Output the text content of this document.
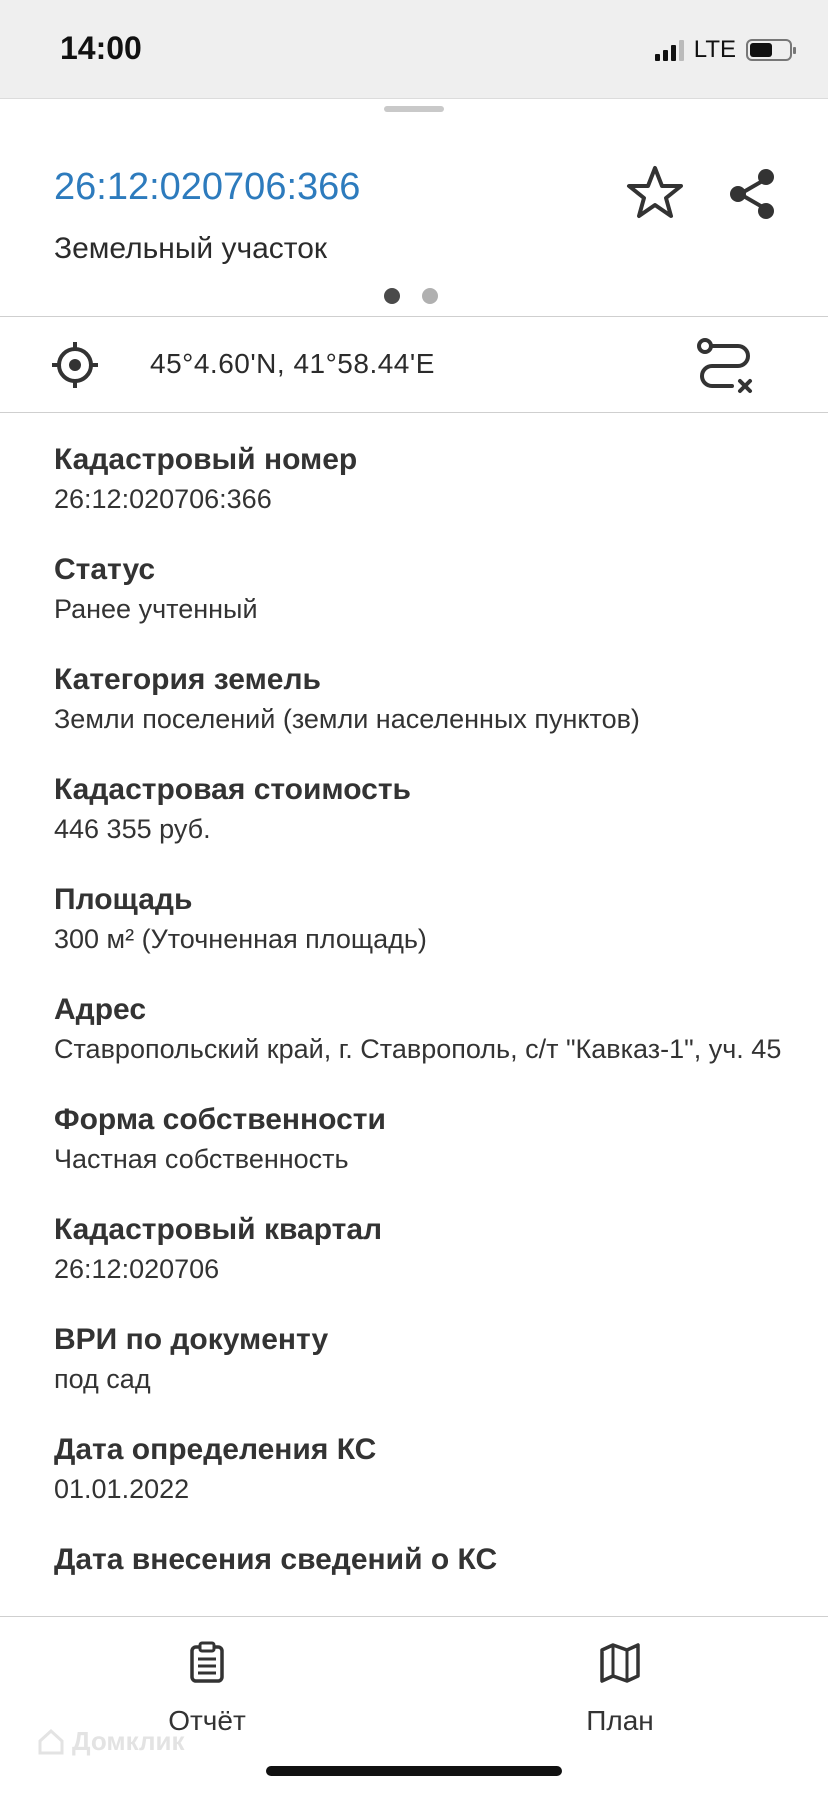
14:00	LTE
26:12:020706:366
Земельный участок
45°4.60'N, 41°58.44'E
Кадастровый номер
26:12:020706:366
Статус
Ранее учтенный
Категория земель
Земли поселений (земли населенных пунктов)
Кадастровая стоимость
446 355 руб.
Площадь
300 м² (Уточненная площадь)
Адрес
Ставропольский край, г. Ставрополь, с/т "Кавказ-1", уч. 45
Форма собственности
Частная собственность
Кадастровый квартал
26:12:020706
ВРИ по документу
под сад
Дата определения КС
01.01.2022
Дата внесения сведений о КС
Отчёт	План
Домклик
